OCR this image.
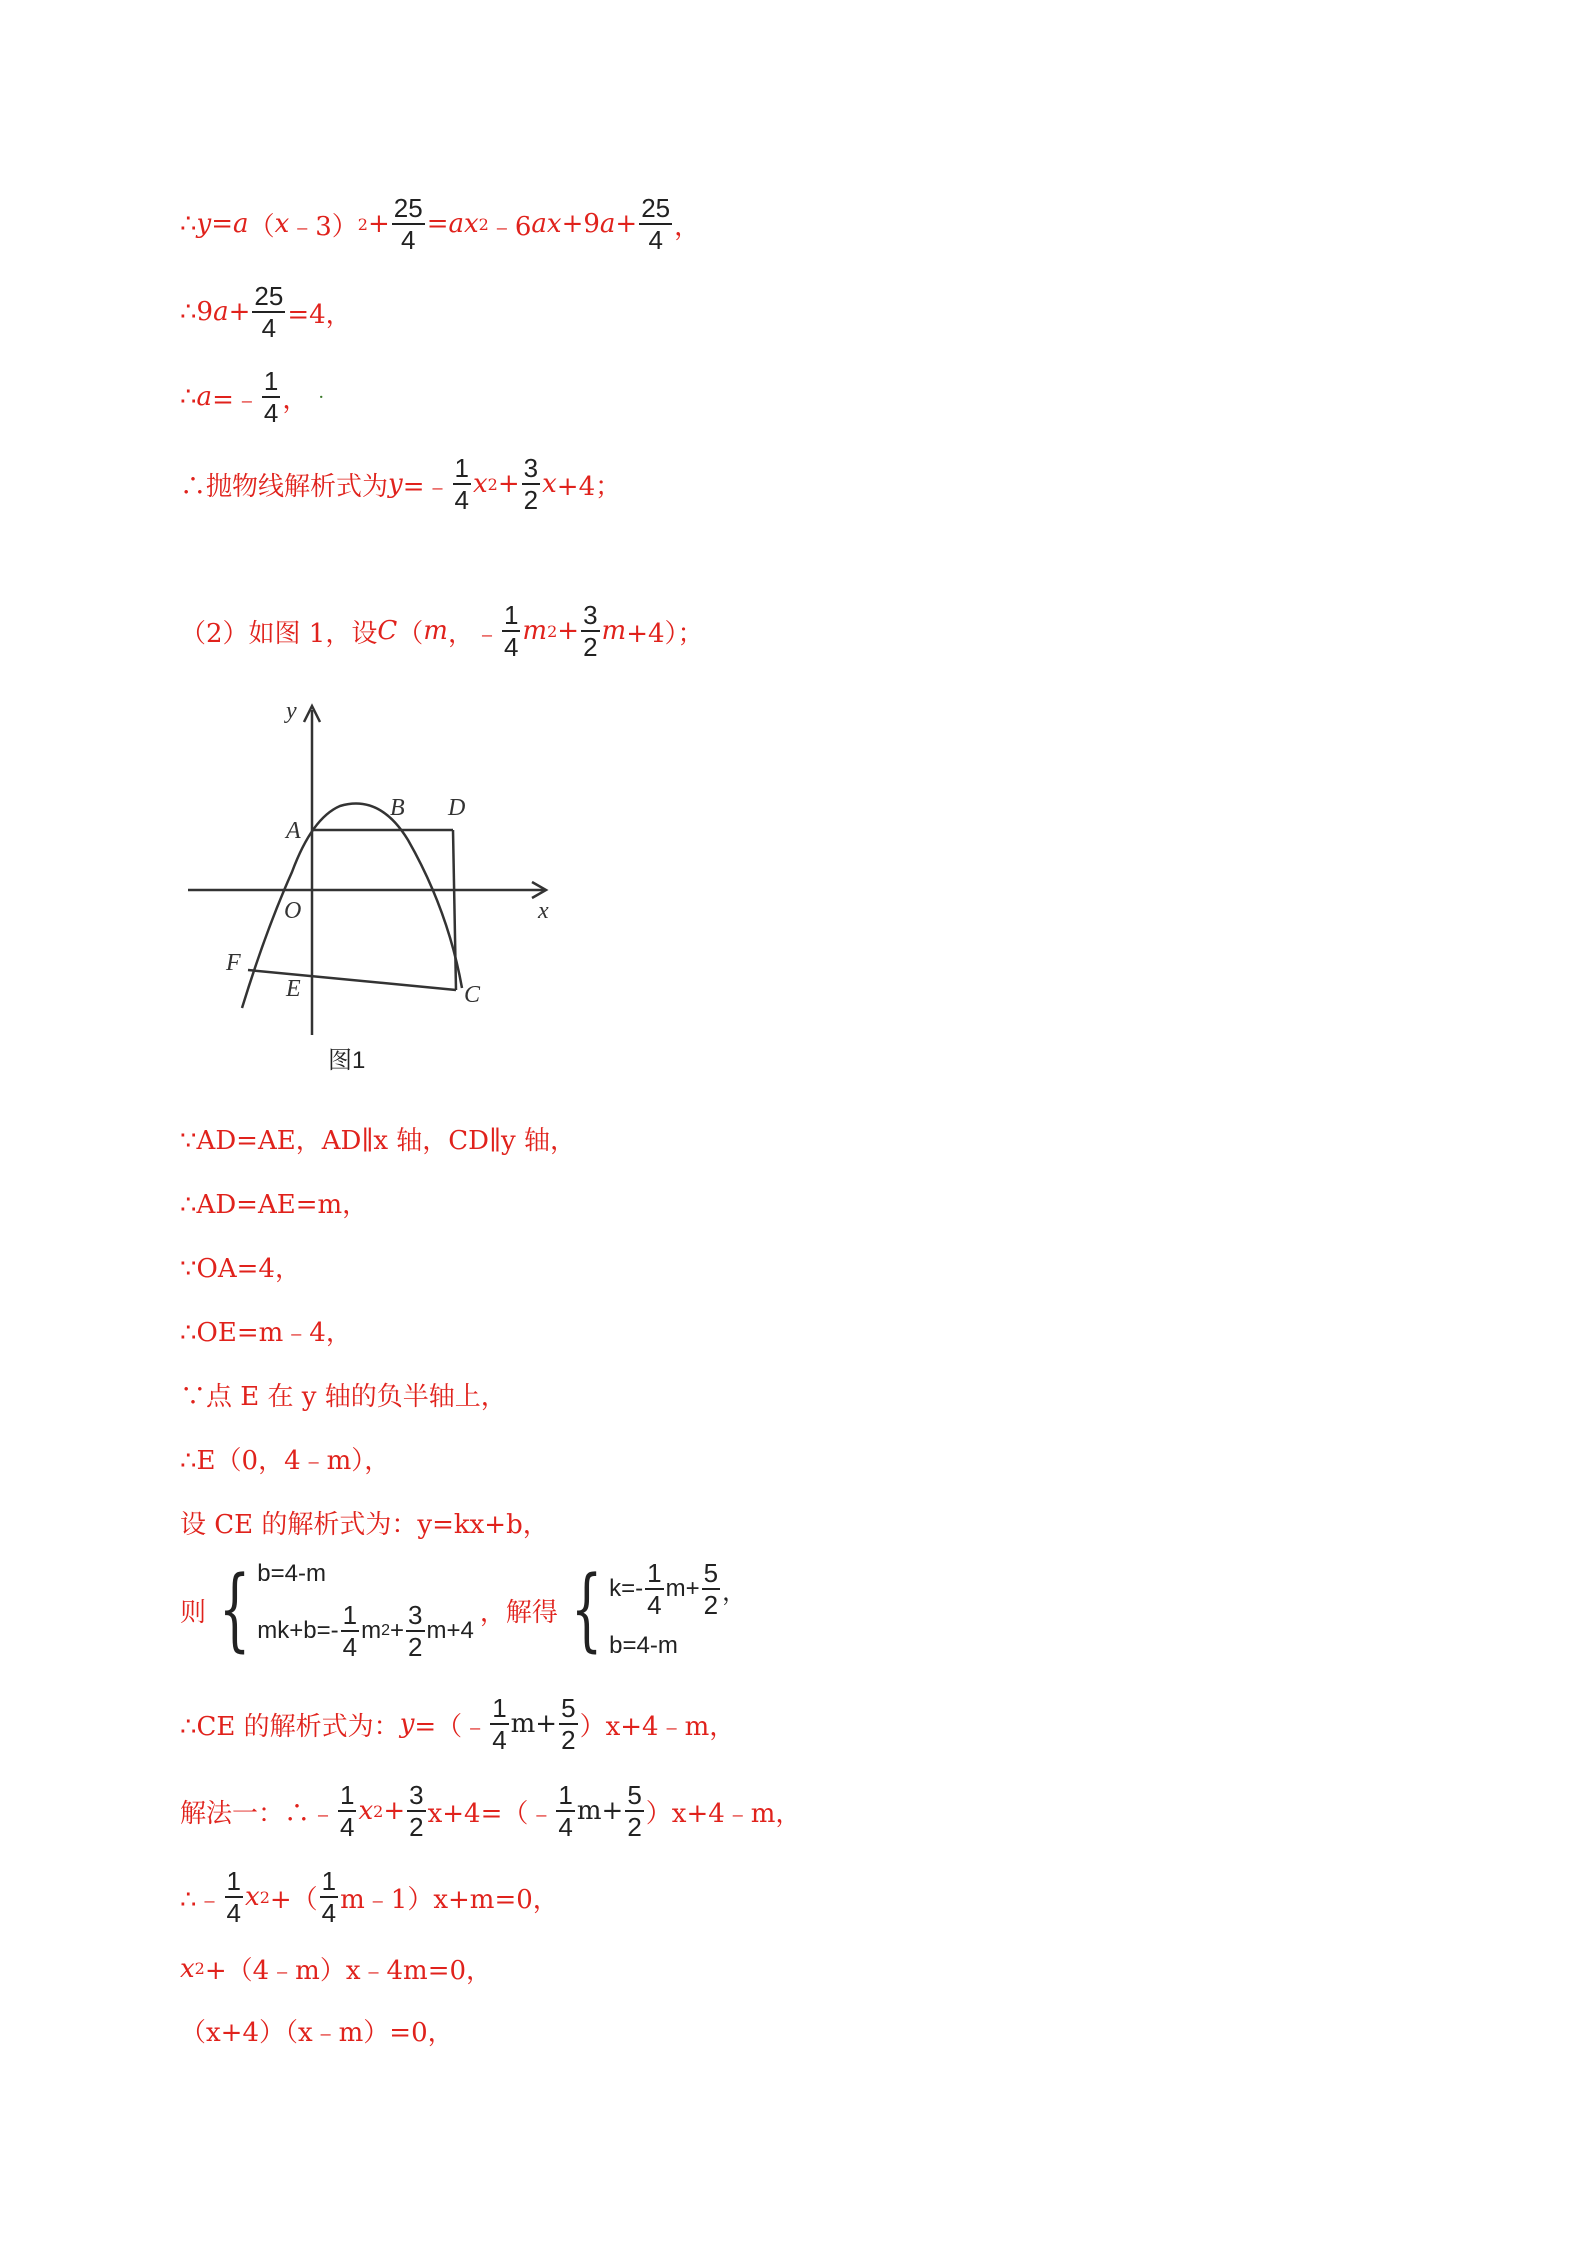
∴ y = a （ x ﹣3） $2 + \frac{25}{4}$ = ax 2 ﹣6 ax +9 $a + \frac{25}{4}$ ，
∴9 $a + \frac{25}{4} =4$，
∴ a =﹣ $\frac{1}{4}$ ， ·
∴抛物线解析式为 y =﹣ $\frac{1}{4}$ x $2 + \frac{3}{2}$ x +4；
（2）如图 1，设 C （ m ，﹣ $\frac{1}{4}$ m $2 + \frac{3}{2}$ m +4）；
y
x
A
B D
O
F
E	C
图1
∵AD=AE，AD∥x 轴，CD∥y 轴，
∴AD=AE=m，
∵OA=4，
∴OE=m﹣4，
∵点 E 在 y 轴的负半轴上，
∴E（0，4﹣m），
设 CE 的解析式为：y=kx+b，
则 { b=4-m
$mk+b=- \frac{1}{4}$ m $2 + \frac{3}{2} m+4$
，解得 { $k=- \frac{1}{4} m+ \frac{5}{2}$ ，
b=4-m
∴CE 的解析式为： y =（﹣ $\frac{1}{4} m+ \frac{5}{2}$ ）x+4﹣m，
解法一：∴﹣ $\frac{1}{4}$ x $2 + \frac{3}{2}$ x+4=（﹣ $\frac{1}{4} m+ \frac{5}{2}$ ）x+4﹣m，
∴﹣ $\frac{1}{4}$ x 2 +（ $\frac{1}{4}$ m﹣1）x+m=0，
x 2 +（4﹣m）x﹣4m=0，
（x+4）（x﹣m）=0，
